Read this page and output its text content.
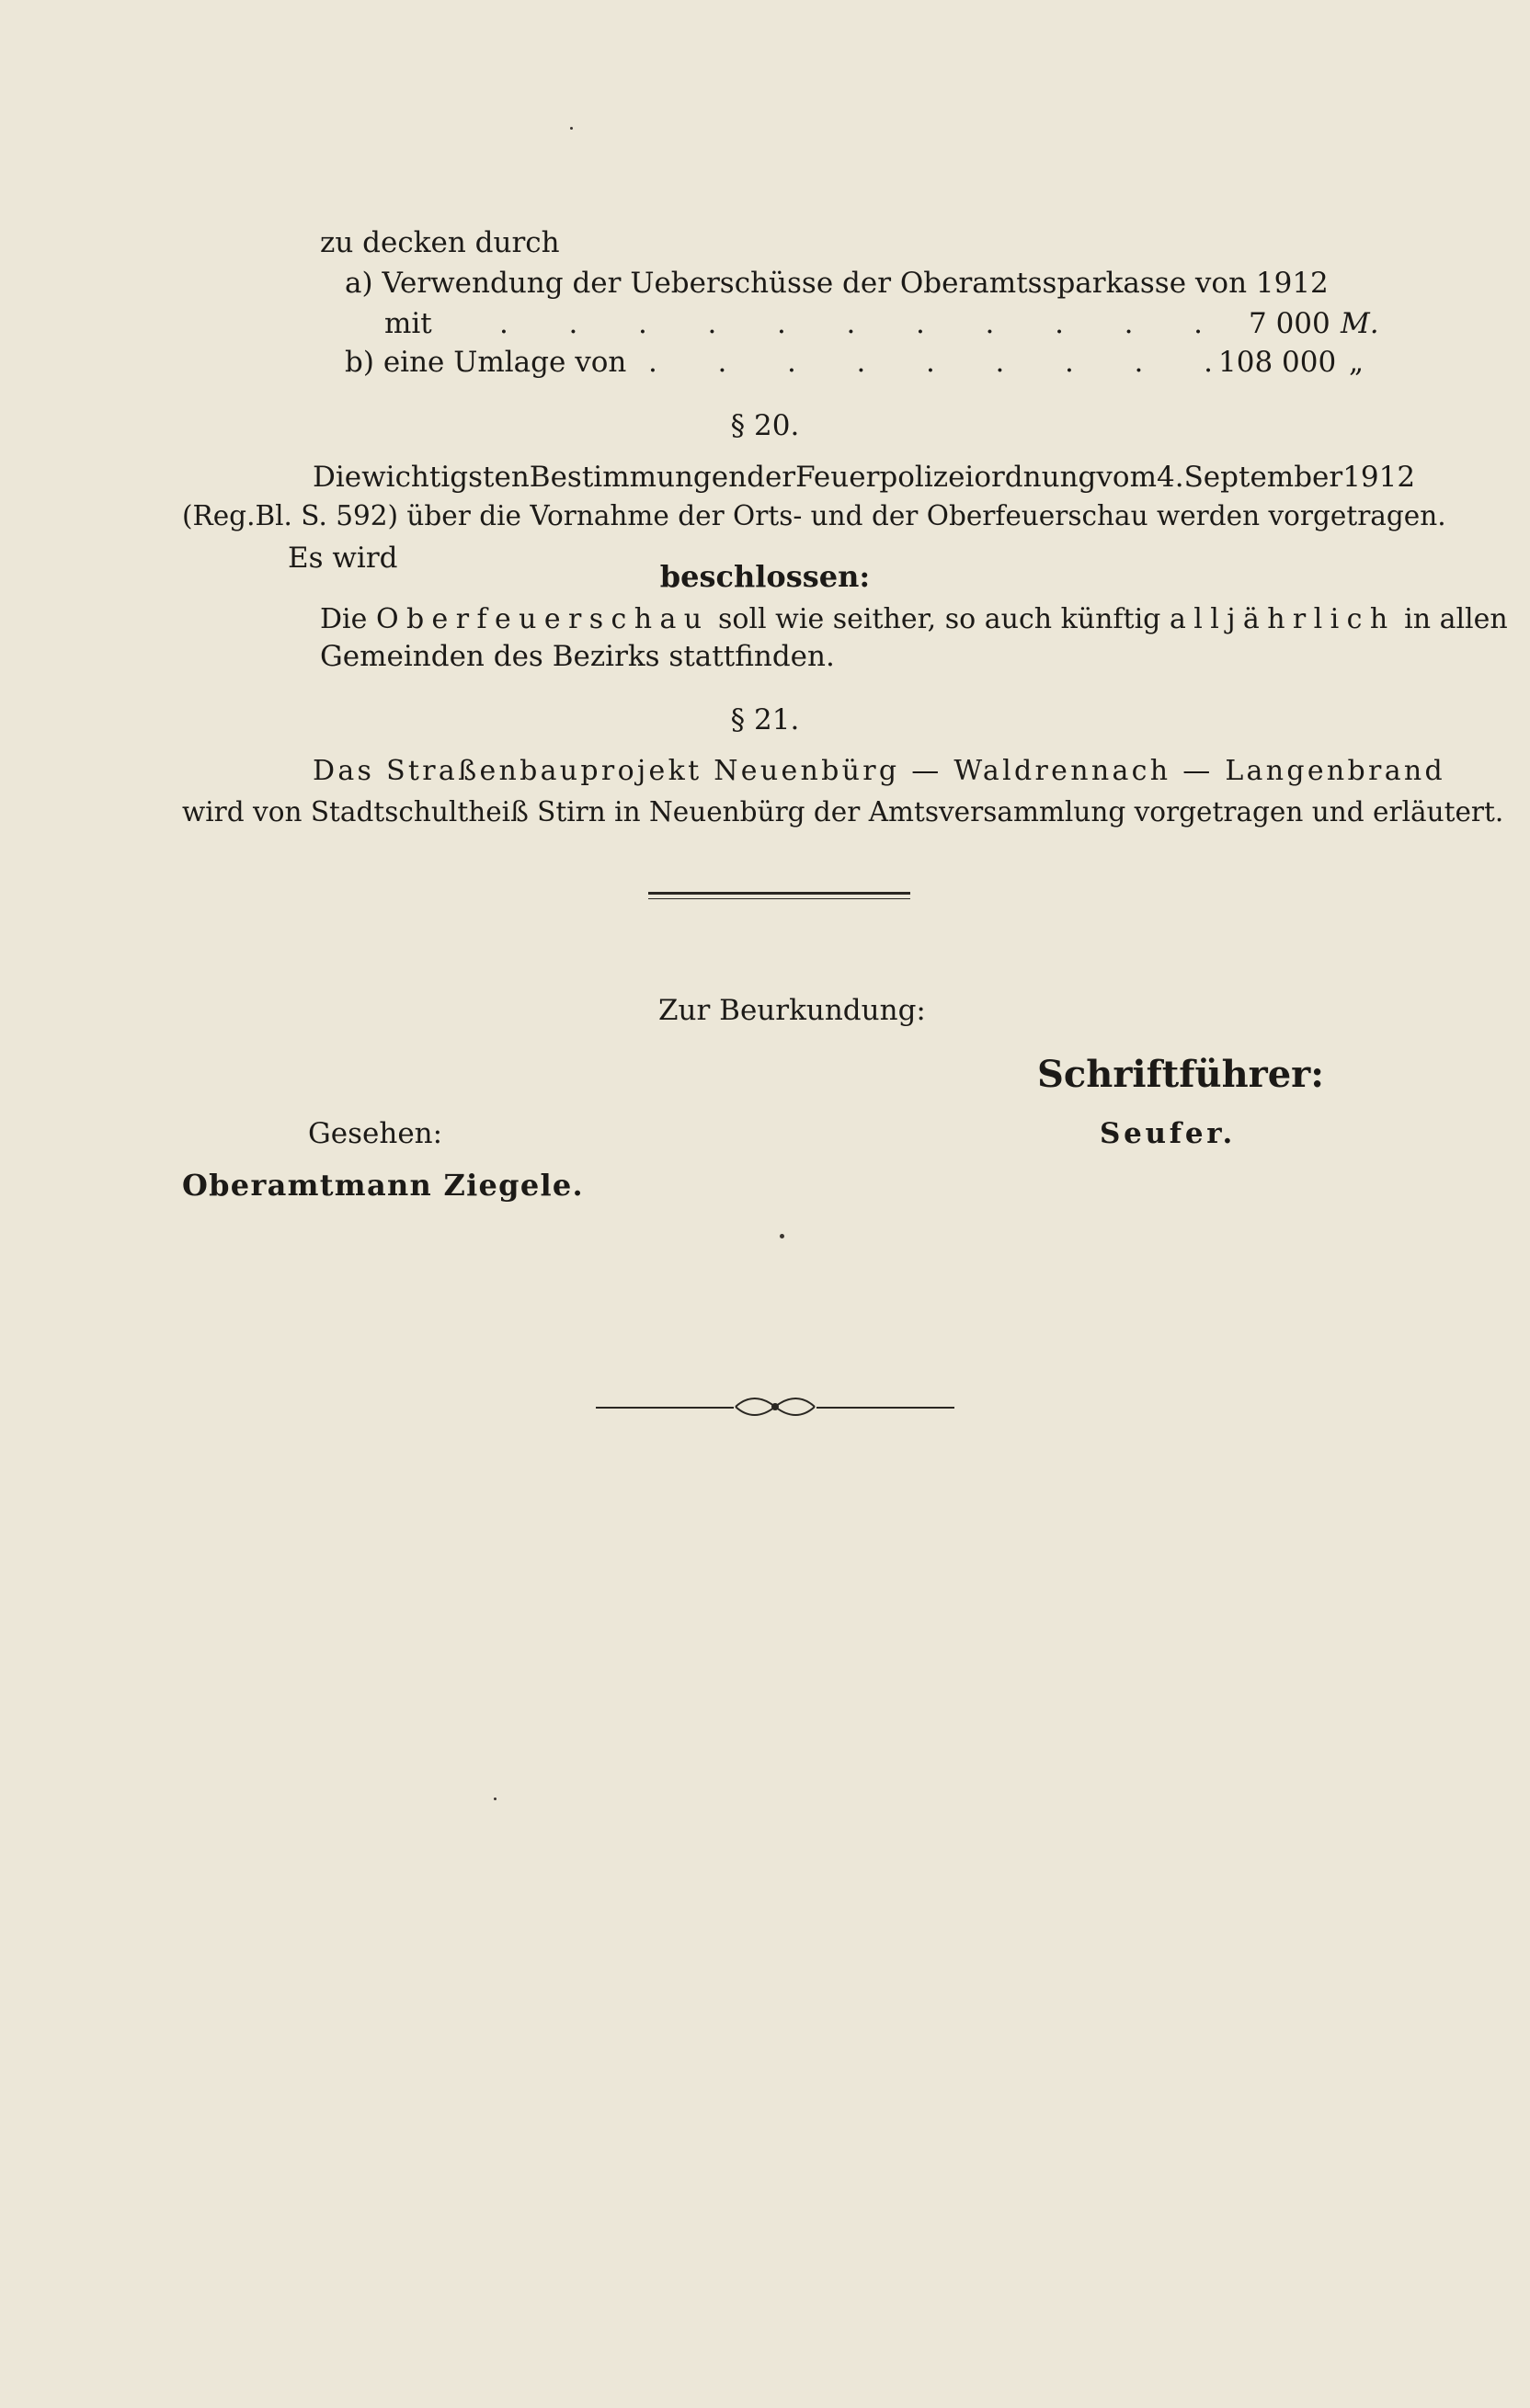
zu decken durch
a) Verwendung der Ueberschüsse der Oberamtssparkasse von 1912
mit . . . . . . . . . . . 7 000 M.
b) eine Umlage von . . . . . . . . .
108 000 „
§ 20.
Die wichtigsten Bestimmungen der Feuerpolizeiordnung vom 4. September 1912
(Reg.Bl. S. 592) über die Vornahme der Orts- und der Oberfeuerschau werden vorgetragen.
Es wird
beschlossen:
Die Oberfeuerschau soll wie seither, so auch künftig alljährlich in allen
Gemeinden des Bezirks stattfinden.
§ 21.
Das Straßenbauprojekt Neuenbürg — Waldrennach — Langenbrand
wird von Stadtschultheiß Stirn in Neuenbürg der Amtsversammlung vorgetragen und erläutert.
Zur Beurkundung:
Schriftführer:
Gesehen:	Seufer.
Oberamtmann Ziegele.
